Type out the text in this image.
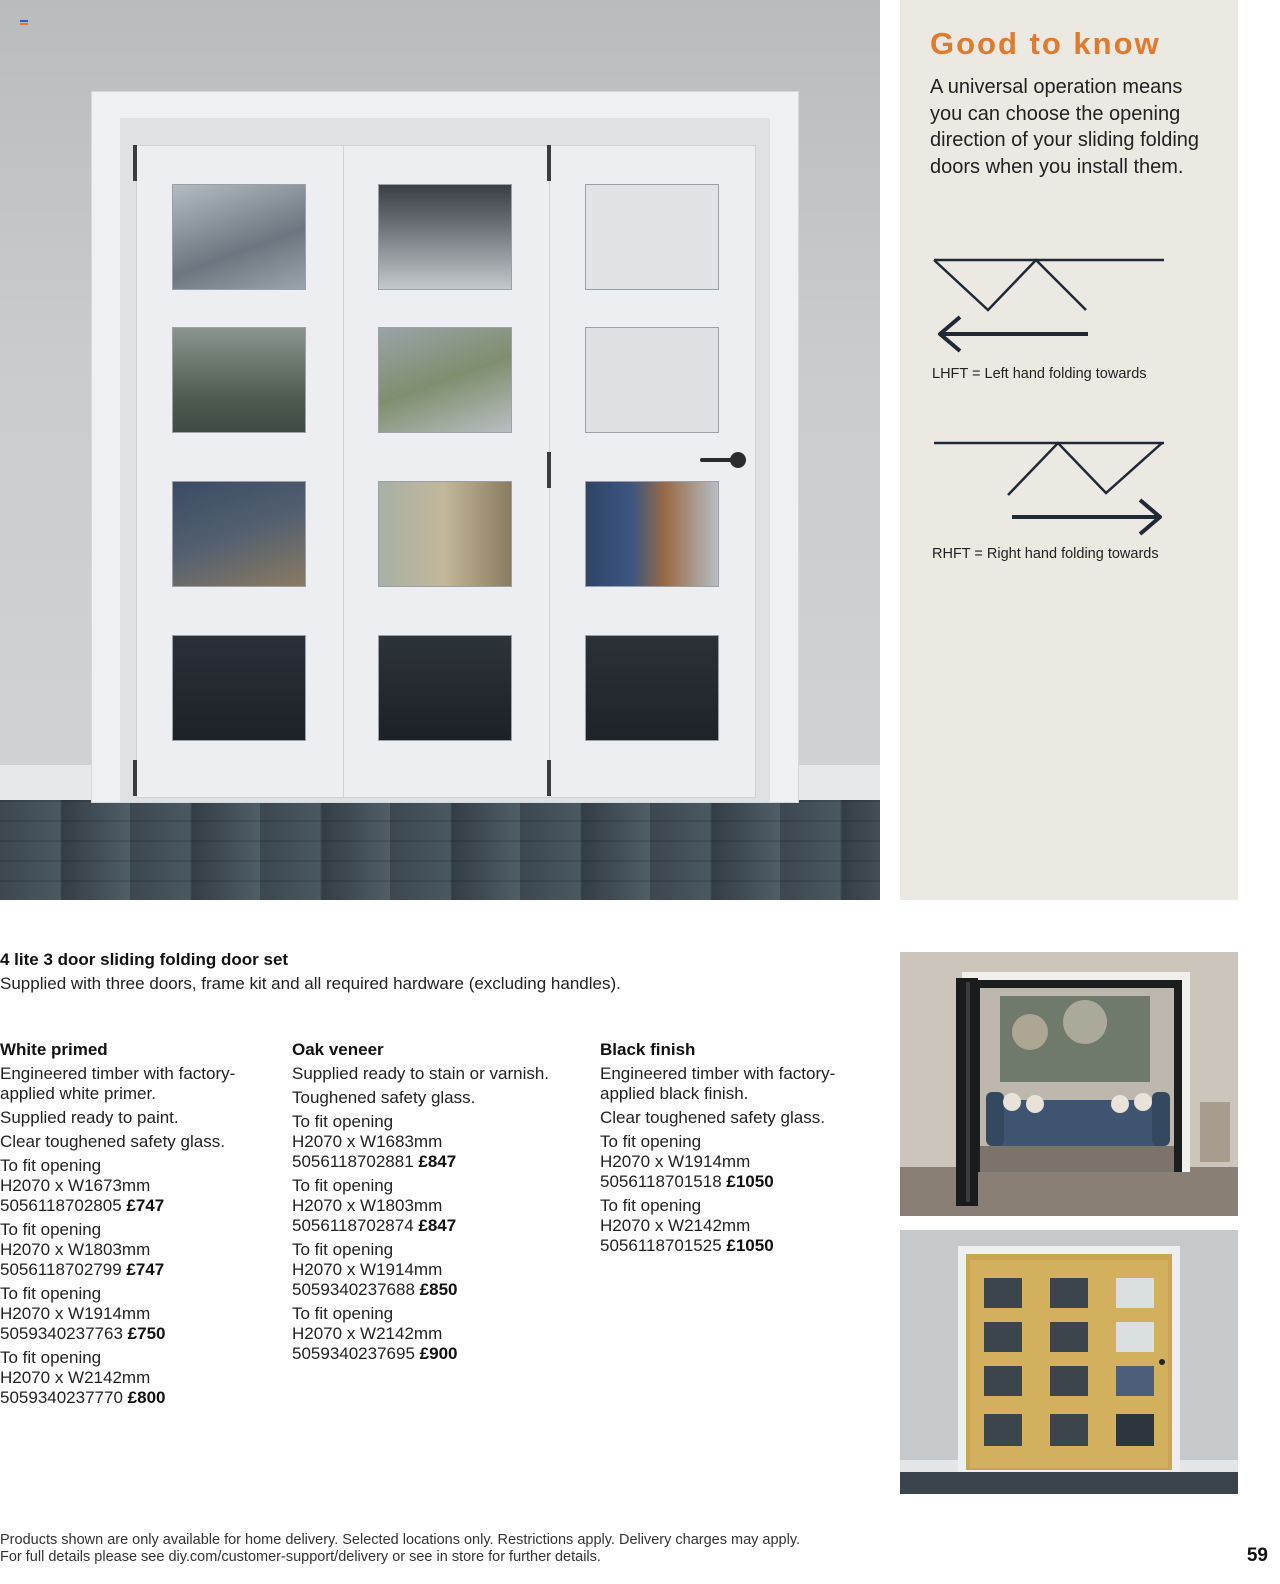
Good to know

A universal operation means you can choose the opening direction of your sliding folding doors when you install them.

LHFT = Left hand folding towards
RHFT = Right hand folding towards
4 lite 3 door sliding folding door set
Supplied with three doors, frame kit and all required hardware (excluding handles).
White primed
Engineered timber with factory-applied white primer.
Supplied ready to paint.
Clear toughened safety glass.
To fit opening
H2070 x W1673mm
5056118702805 £747
To fit opening
H2070 x W1803mm
5056118702799 £747
To fit opening
H2070 x W1914mm
5059340237763 £750
To fit opening
H2070 x W2142mm
5059340237770 £800
Oak veneer
Supplied ready to stain or varnish.
Toughened safety glass.
To fit opening
H2070 x W1683mm
5056118702881 £847
To fit opening
H2070 x W1803mm
5056118702874 £847
To fit opening
H2070 x W1914mm
5059340237688 £850
To fit opening
H2070 x W2142mm
5059340237695 £900
Black finish
Engineered timber with factory-applied black finish.
Clear toughened safety glass.
To fit opening
H2070 x W1914mm
5056118701518 £1050
To fit opening
H2070 x W2142mm
5056118701525 £1050
Products shown are only available for home delivery. Selected locations only. Restrictions apply. Delivery charges may apply.
For full details please see diy.com/customer-support/delivery or see in store for further details.	59
